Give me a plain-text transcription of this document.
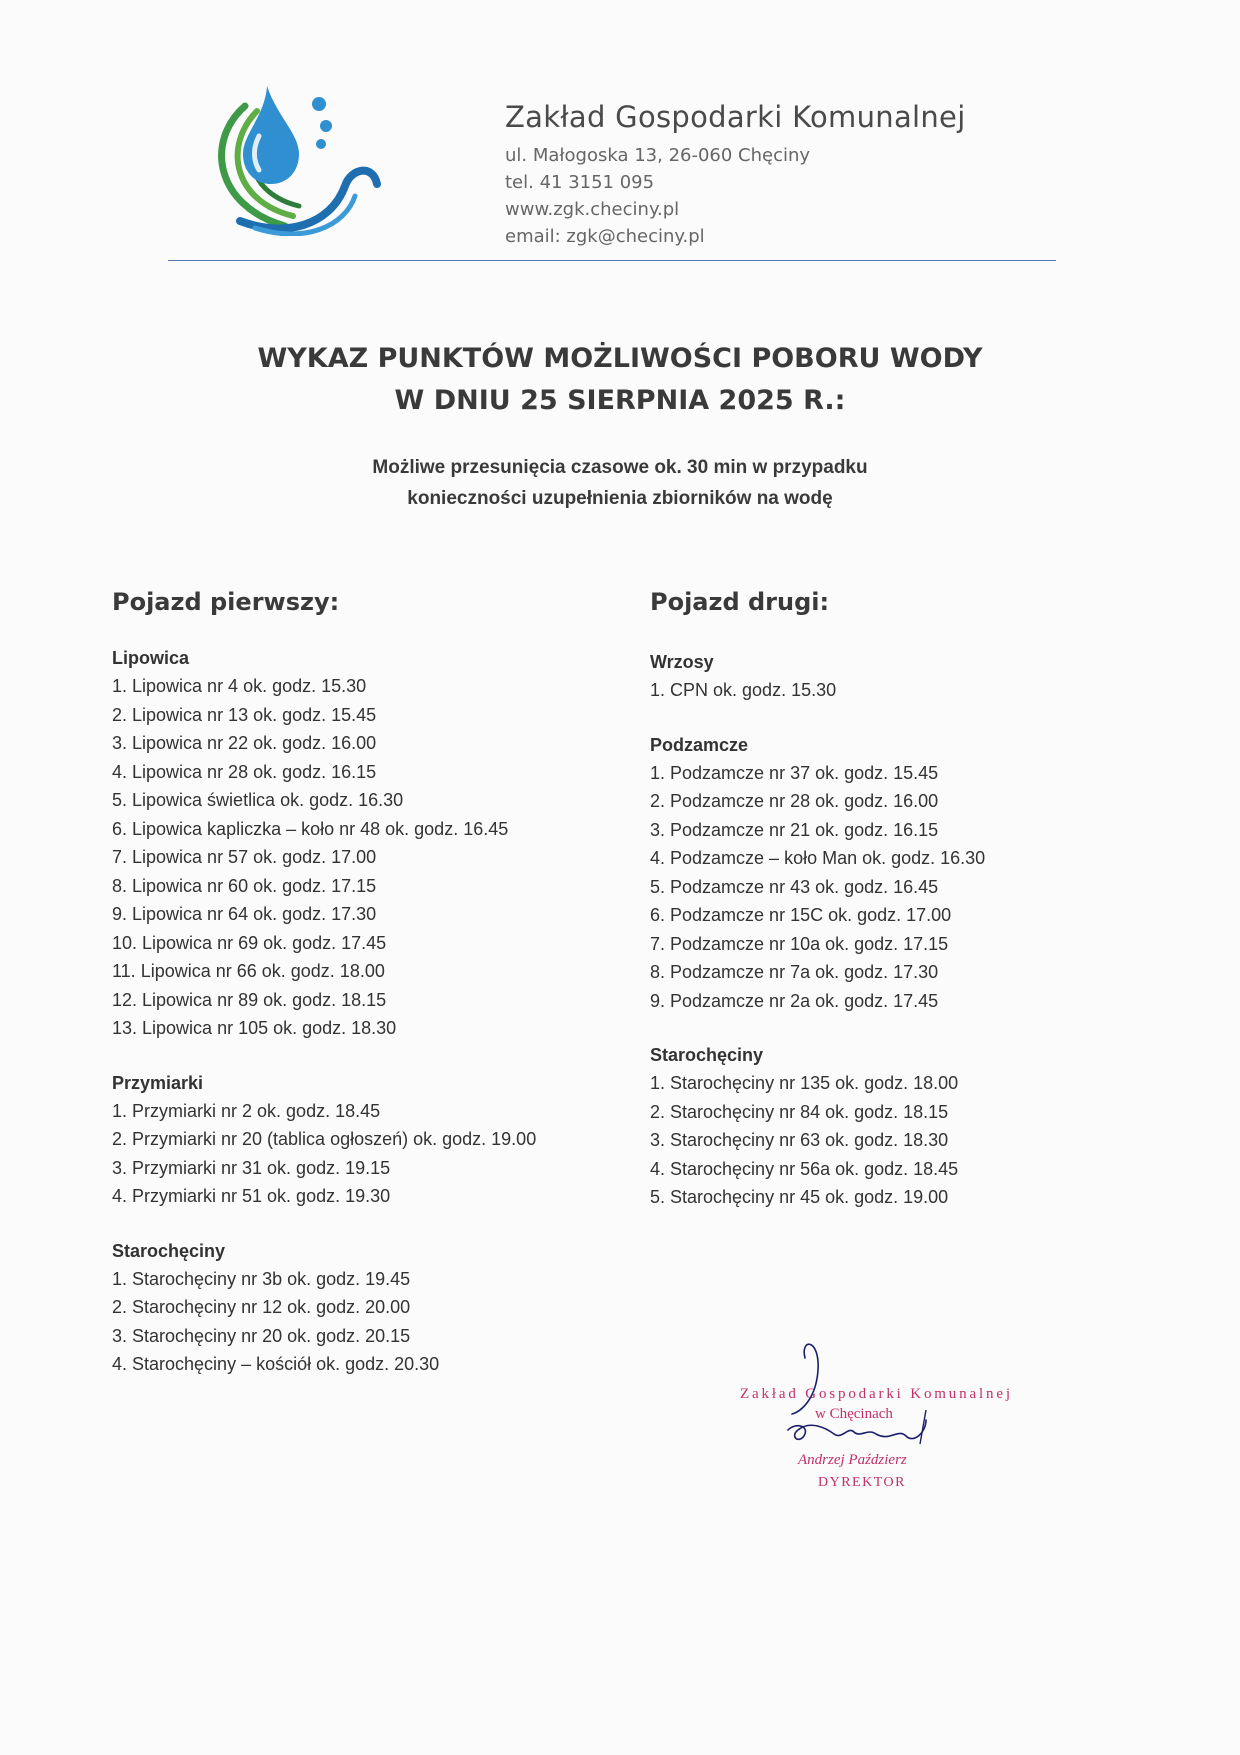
Zakład Gospodarki Komunalnej
ul. Małogoska 13, 26-060 Chęciny
tel. 41 3151 095
www.zgk.checiny.pl
email: zgk@checiny.pl
WYKAZ PUNKTÓW MOŻLIWOŚCI POBORU WODY
W DNIU 25 SIERPNIA 2025 R.:
Możliwe przesunięcia czasowe ok. 30 min w przypadku
konieczności uzupełnienia zbiorników na wodę
Pojazd pierwszy:
Lipowica
1. Lipowica nr 4 ok. godz. 15.30
2. Lipowica nr 13 ok. godz. 15.45
3. Lipowica nr 22 ok. godz. 16.00
4. Lipowica nr 28 ok. godz. 16.15
5. Lipowica świetlica ok. godz. 16.30
6. Lipowica kapliczka – koło nr 48 ok. godz. 16.45
7. Lipowica nr 57 ok. godz. 17.00
8. Lipowica nr 60 ok. godz. 17.15
9. Lipowica nr 64 ok. godz. 17.30
10. Lipowica nr 69 ok. godz. 17.45
11. Lipowica nr 66 ok. godz. 18.00
12. Lipowica nr 89 ok. godz. 18.15
13. Lipowica nr 105 ok. godz. 18.30
Przymiarki
1. Przymiarki nr 2 ok. godz. 18.45
2. Przymiarki nr 20 (tablica ogłoszeń) ok. godz. 19.00
3. Przymiarki nr 31 ok. godz. 19.15
4. Przymiarki nr 51 ok. godz. 19.30
Starochęciny
1. Starochęciny nr 3b ok. godz. 19.45
2. Starochęciny nr 12 ok. godz. 20.00
3. Starochęciny nr 20 ok. godz. 20.15
4. Starochęciny – kościół ok. godz. 20.30
Pojazd drugi:
Wrzosy
1. CPN ok. godz. 15.30
Podzamcze
1. Podzamcze nr 37 ok. godz. 15.45
2. Podzamcze nr 28 ok. godz. 16.00
3. Podzamcze nr 21 ok. godz. 16.15
4. Podzamcze – koło Man ok. godz. 16.30
5. Podzamcze nr 43 ok. godz. 16.45
6. Podzamcze nr 15C ok. godz. 17.00
7. Podzamcze nr 10a ok. godz. 17.15
8. Podzamcze nr 7a ok. godz. 17.30
9. Podzamcze nr 2a ok. godz. 17.45
Starochęciny
1. Starochęciny nr 135 ok. godz. 18.00
2. Starochęciny nr 84 ok. godz. 18.15
3. Starochęciny nr 63 ok. godz. 18.30
4. Starochęciny nr 56a ok. godz. 18.45
5. Starochęciny nr 45 ok. godz. 19.00
Zakład Gospodarki Komunalnej
w Chęcinach
Andrzej Paździerz
DYREKTOR
